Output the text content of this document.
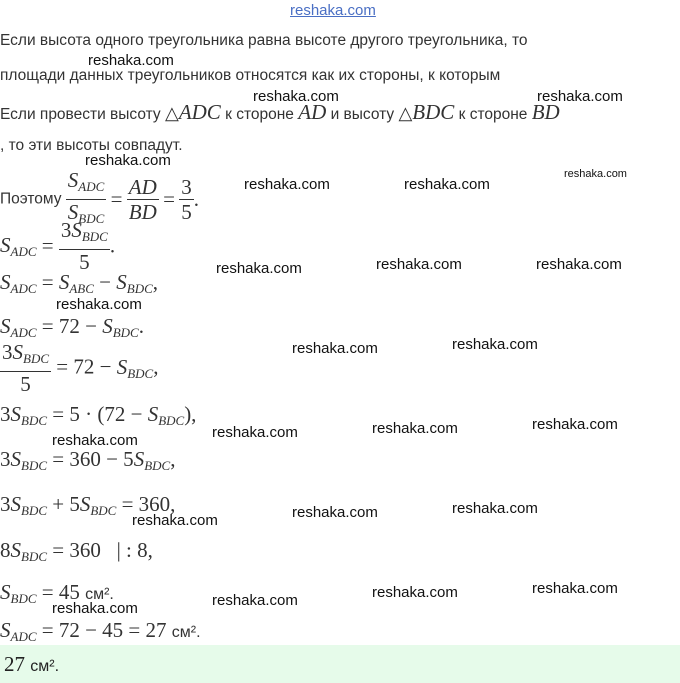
reshaka.com
Если высота одного треугольника равна высоте другого треугольника, то
площади данных треугольников относятся как их стороны, к которым
Если провести высоту △ADC к стороне AD и высоту △BDC к стороне BD
, то эти высоты совпадут.
Поэтому $\frac{S_{ADC}}{S_{BDC}} = \frac{AD}{BD} = \frac{3}{5}$ .
$S_{ADC} = \frac{3S_{BDC}}{5}$ .
$S_{ADC} = S_{ABC} - S_{BDC}$,
$S_{ADC} = 72 - S_{BDC}$.
$\frac{3S_{BDC}}{5} = 72 - S_{BDC}$,
$3S_{BDC} = 5 \cdot (72 - S_{BDC})$,
$3S_{BDC} = 360 - 5S_{BDC}$,
$3S_{BDC} + 5S_{BDC} = 360$,
$8S_{BDC} = 360$   | : 8,
$S_{BDC} = 45$ см².
$S_{ADC} = 72 - 45 = 27$ см².
27 см².
reshaka.com
reshaka.com	reshaka.com
reshaka.com
reshaka.com	reshaka.com
reshaka.com
reshaka.com	reshaka.com	reshaka.com
reshaka.com
reshaka.com	reshaka.com
reshaka.com	reshaka.com	reshaka.com
reshaka.com
reshaka.com	reshaka.com
reshaka.com
reshaka.com	reshaka.com	reshaka.com
reshaka.com
